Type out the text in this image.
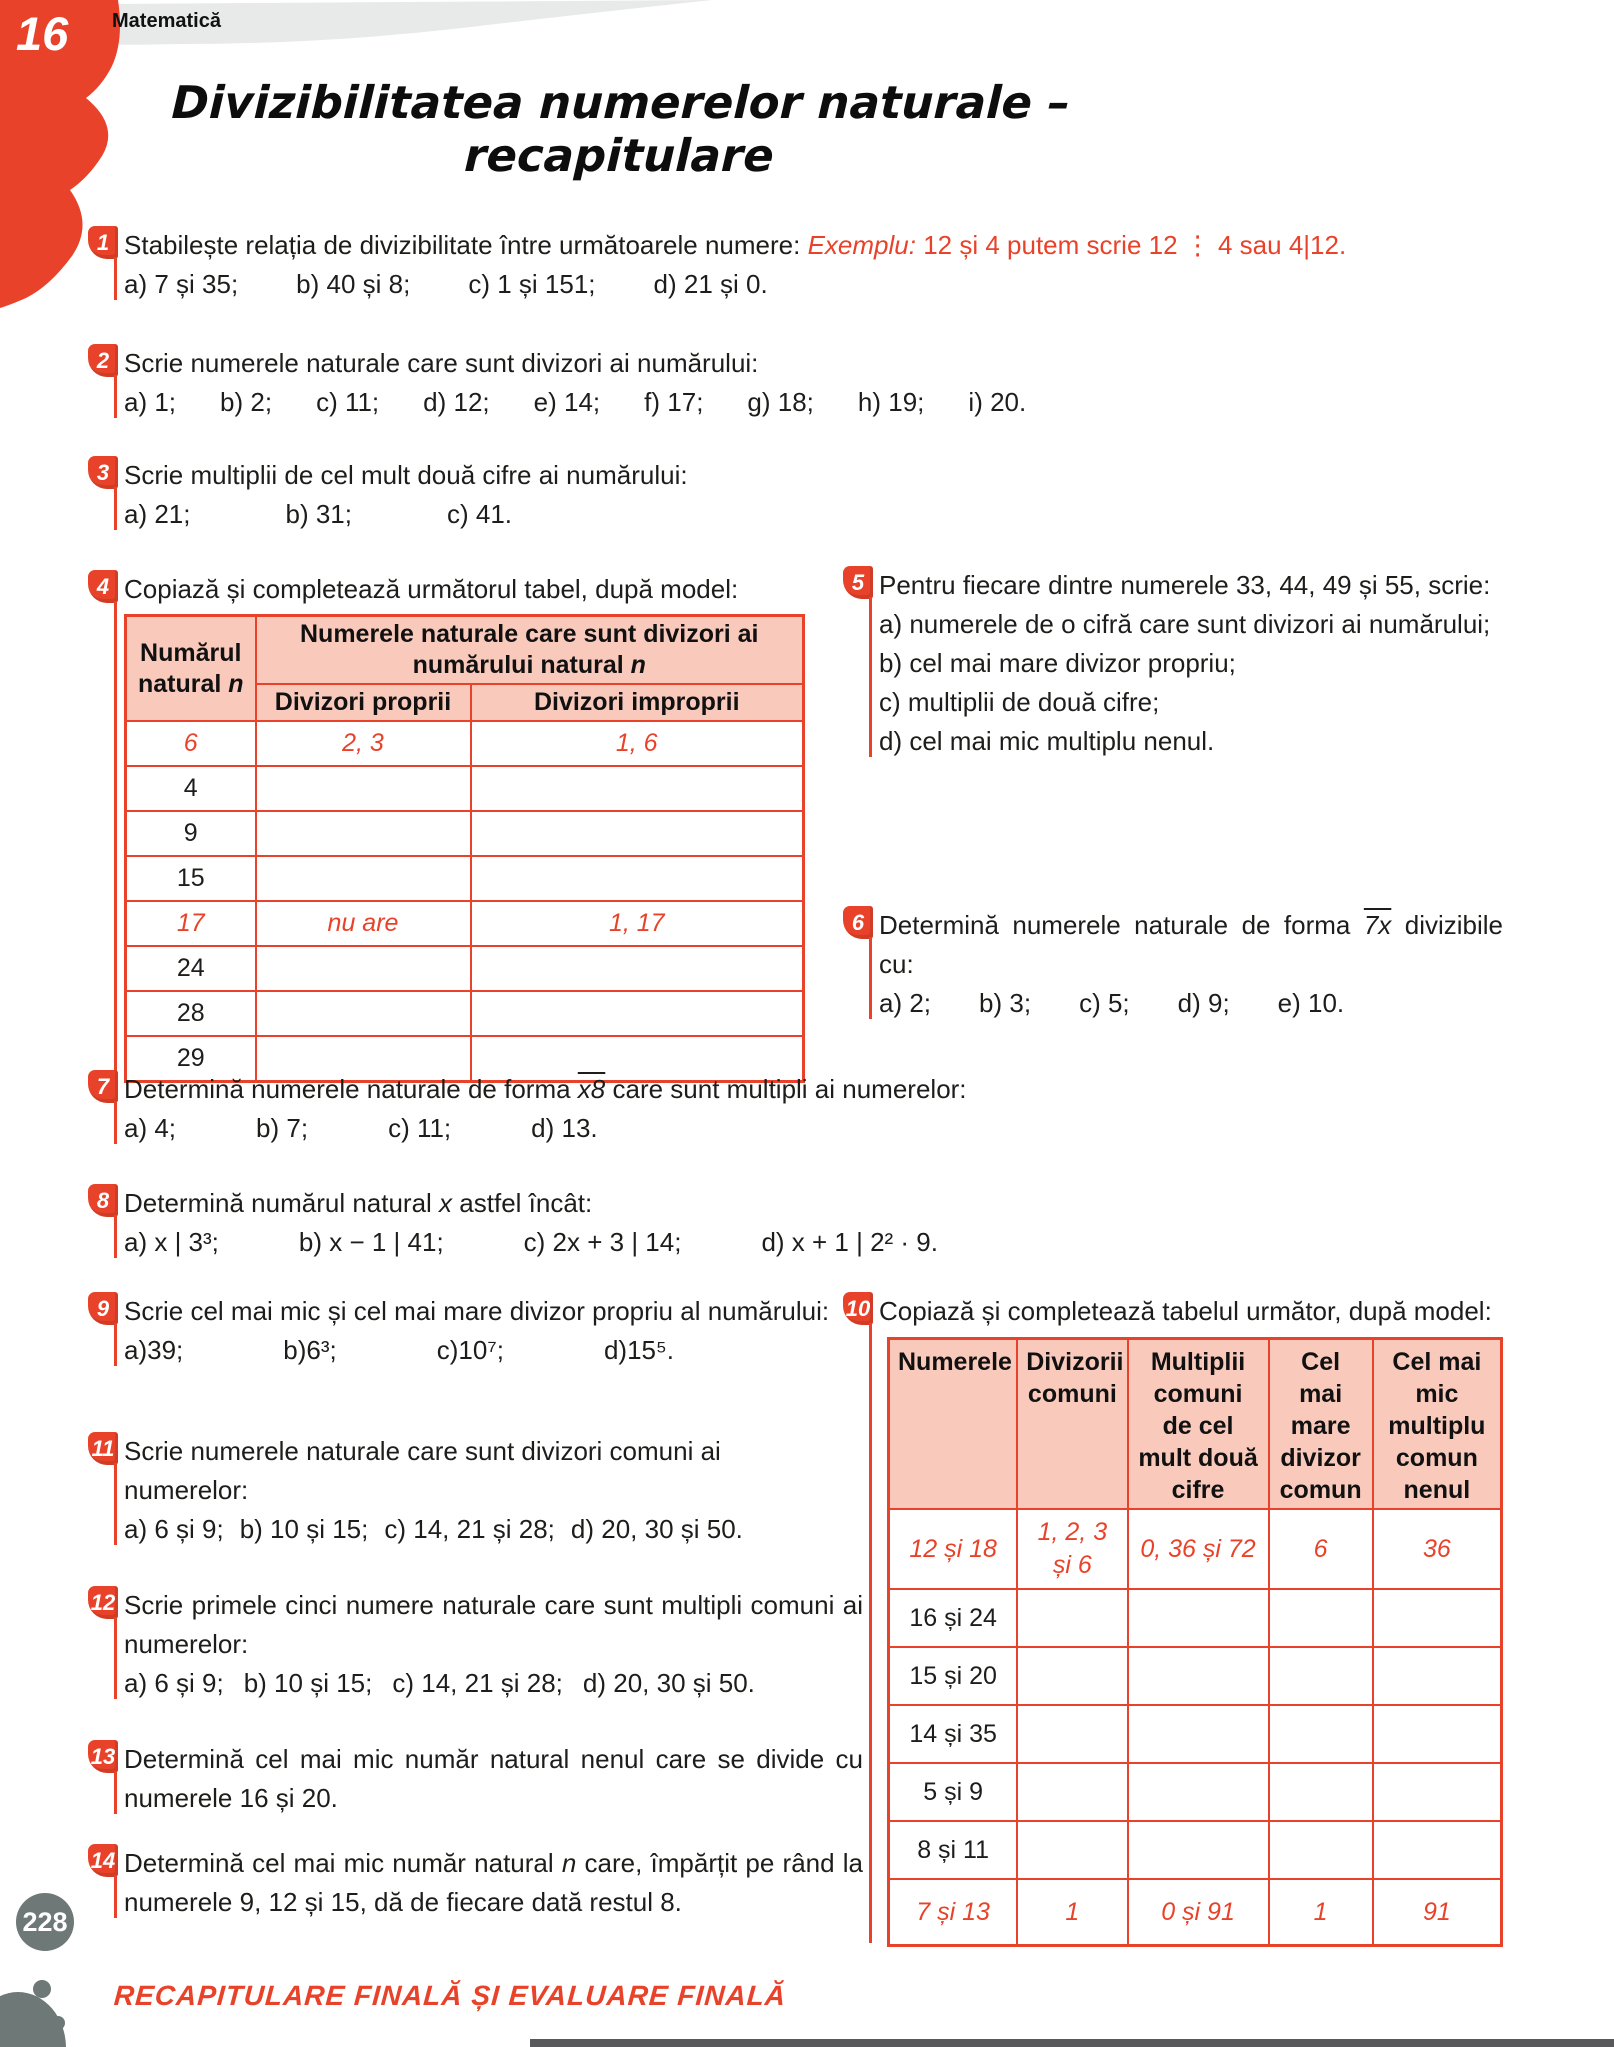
16 Matematică
Divizibilitatea numerelor naturale – recapitulare
1 Stabilește relația de divizibilitate între următoarele numere: Exemplu: 12 și 4 putem scrie 12 ⋮ 4 sau 4|12.

a) 7 și 35; b) 40 și 8; c) 1 și 151; d) 21 și 0.

2 Scrie numerele naturale care sunt divizori ai numărului:

a) 1; b) 2; c) 11; d) 12; e) 14; f) 17; g) 18; h) 19; i) 20.

3 Scrie multiplii de cel mult două cifre ai numărului:

a) 21;	b) 31;	c) 41.

4 Copiază și completează următorul tabel, după model:

Numărul natural n	Numerele naturale care sunt divizori ai numărului natural n	
	Divizori proprii	Divizori improprii
6	2, 3	1, 6
4		
9		
15		
17	nu are	1, 17
24		
28		
29		
5 Pentru fiecare dintre numerele 33, 44, 49 și 55, scrie:

a) numerele de o cifră care sunt divizori ai numărului;

b) cel mai mare divizor propriu;

c) multiplii de două cifre;

d) cel mai mic multiplu nenul.

6 Determină numerele naturale de forma 7x divizibile cu:

a) 2; b) 3; c) 5; d) 9; e) 10.

7 Determină numerele naturale de forma x8 care sunt multipli ai numerelor:

a) 4;	b) 7;	c) 11;	d) 13.

8 Determină numărul natural x astfel încât:

a) x | 3³;	b) x − 1 | 41;	c) 2x + 3 | 14;	d) x + 1 | 2² · 9.

9 Scrie cel mai mic și cel mai mare divizor propriu al numărului:

a)39;	b)6³;	c)10⁷;	d)15⁵.

10 Copiază și completează tabelul următor, după model:

Numerele	Divizorii comuni	Multiplii comuni de cel mult două cifre	Cel mai mare divizor comun	Cel mai mic multiplu comun nenul
12 și 18	1, 2, 3 și 6	0, 36 și 72	6	36
16 și 24				
15 și 20				
14 și 35				
5 și 9				
8 și 11				
7 și 13	1	0 și 91	1	91
11 Scrie numerele naturale care sunt divizori comuni ai numerelor:

a) 6 și 9; b) 10 și 15; c) 14, 21 și 28; d) 20, 30 și 50.

12 Scrie primele cinci numere naturale care sunt multipli comuni ai numerelor:

a) 6 și 9; b) 10 și 15; c) 14, 21 și 28; d) 20, 30 și 50.

13 Determină cel mai mic număr natural nenul care se divide cu numerele 16 și 20.

14 Determină cel mai mic număr natural n care, împărțit pe rând la numerele 9, 12 și 15, dă de fiecare dată restul 8.

RECAPITULARE FINALĂ ȘI EVALUARE FINALĂ
228
